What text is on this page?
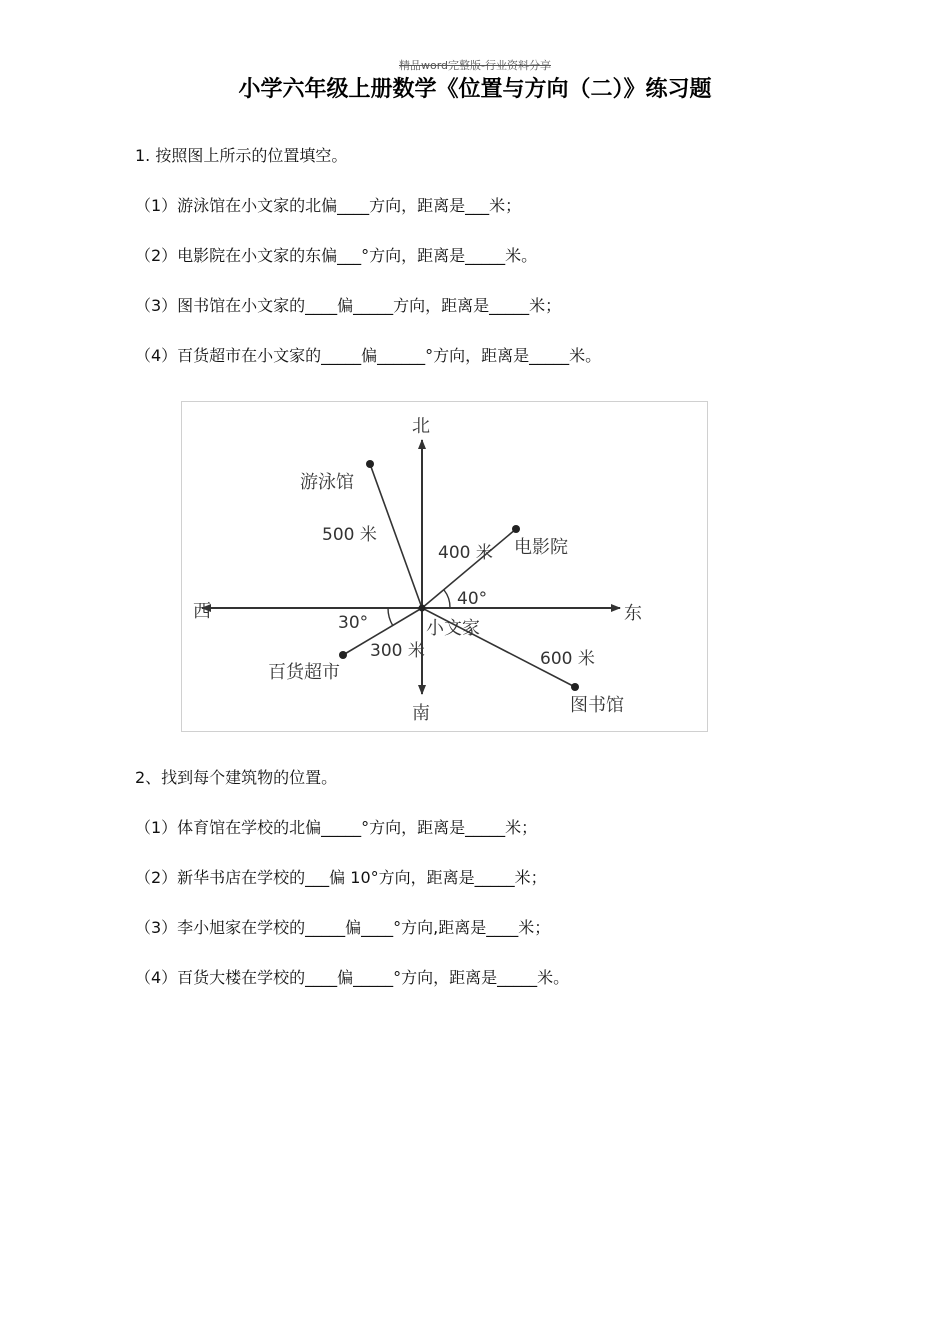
精品word完整版-行业资料分享
小学六年级上册数学《位置与方向（二）》练习题
1. 按照图上所示的位置填空。
（1）游泳馆在小文家的北偏____方向，距离是___米；
（2）电影院在小文家的东偏___°方向，距离是_____米。
（3）图书馆在小文家的____偏_____方向，距离是_____米；
（4）百货超市在小文家的_____偏______°方向，距离是_____米。
北
南
东
西
小文家
游泳馆
电影院
百货超市
图书馆
500 米
400 米
300 米	600 米
40°
30°
2、找到每个建筑物的位置。
（1）体育馆在学校的北偏_____°方向，距离是_____米；
（2）新华书店在学校的___偏 10°方向，距离是_____米；
（3）李小旭家在学校的_____偏____°方向,距离是____米；
（4）百货大楼在学校的____偏_____°方向，距离是_____米。
